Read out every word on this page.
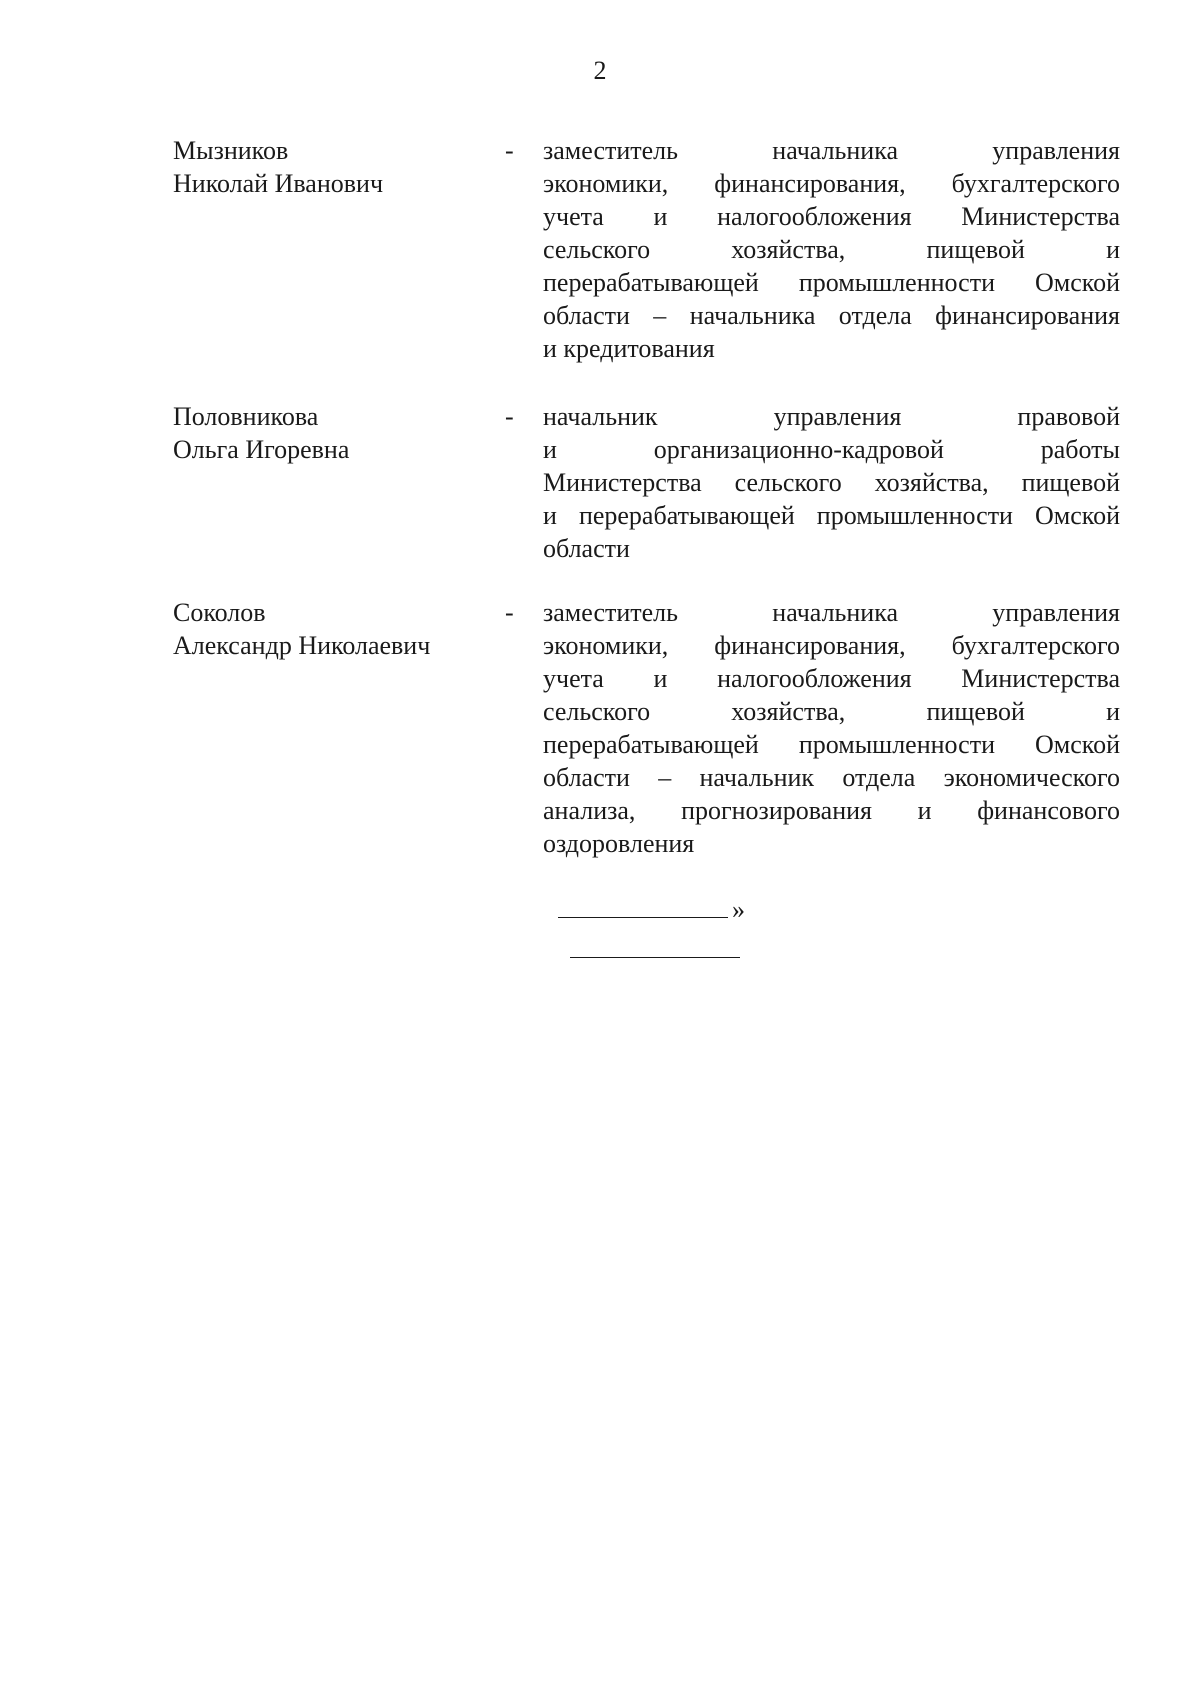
2
Мызников
Николай Иванович
- заместитель начальника управления
экономики, финансирования, бухгалтерского
учета и налогообложения Министерства
сельского хозяйства, пищевой и
перерабатывающей промышленности Омской
области – начальника отдела финансирования
и кредитования
Половникова
Ольга Игоревна
- начальник управления правовой
и организационно-кадровой работы
Министерства сельского хозяйства, пищевой
и перерабатывающей промышленности Омской
области
Соколов
Александр Николаевич
- заместитель начальника управления
экономики, финансирования, бухгалтерского
учета и налогообложения Министерства
сельского хозяйства, пищевой и
перерабатывающей промышленности Омской
области – начальник отдела экономического
анализа, прогнозирования и финансового
оздоровления
»
